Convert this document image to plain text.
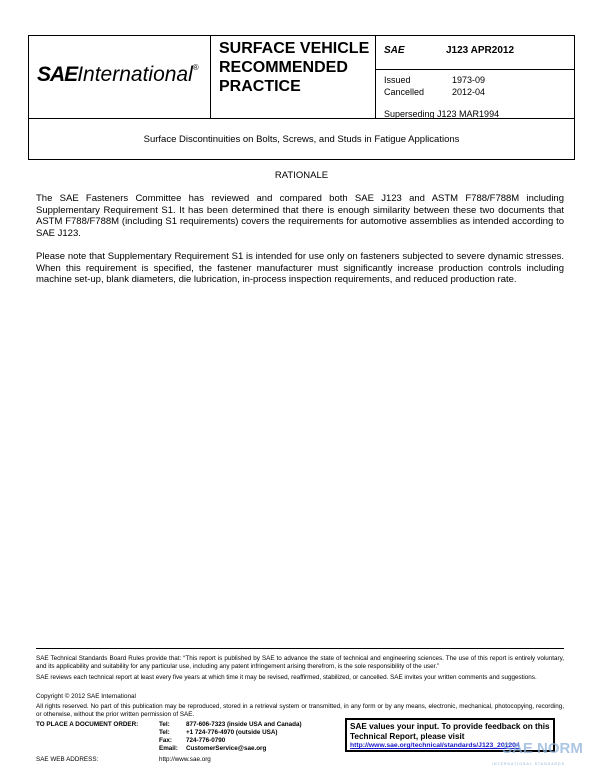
SAEInternational®
SURFACE VEHICLE RECOMMENDED PRACTICE
SAE	J123 APR2012
Issued	1973-09
Cancelled	2012-04
Superseding J123 MAR1994
Surface Discontinuities on Bolts, Screws, and Studs in Fatigue Applications
RATIONALE
The SAE Fasteners Committee has reviewed and compared both SAE J123 and ASTM F788/F788M including Supplementary Requirement S1. It has been determined that there is enough similarity between these two documents that ASTM F788/F788M (including S1 requirements) covers the requirements for automotive assemblies as intended according to SAE J123.
Please note that Supplementary Requirement S1 is intended for use only on fasteners subjected to severe dynamic stresses. When this requirement is specified, the fastener manufacturer must significantly increase production controls including machine set-up, blank diameters, die lubrication, in-process inspection requirements, and reduced production rate.
SAE Technical Standards Board Rules provide that: “This report is published by SAE to advance the state of technical and engineering sciences. The use of this report is entirely voluntary, and its applicability and suitability for any particular use, including any patent infringement arising therefrom, is the sole responsibility of the user.”
SAE reviews each technical report at least every five years at which time it may be revised, reaffirmed, stabilized, or cancelled. SAE invites your written comments and suggestions.
Copyright © 2012 SAE International
All rights reserved. No part of this publication may be reproduced, stored in a retrieval system or transmitted, in any form or by any means, electronic, mechanical, photocopying, recording, or otherwise, without the prior written permission of SAE.
TO PLACE A DOCUMENT ORDER:	Tel:	877-606-7323 (inside USA and Canada)
Tel:	+1 724-776-4970 (outside USA)
Fax: 724-776-0790
Email: CustomerService@sae.org
SAE WEB ADDRESS:	http://www.sae.org
SAE values your input. To provide feedback on this Technical Report, please visit
http://www.sae.org/technical/standards/J123_201204
SAE NORM
INTERNATIONAL STANDARDS
